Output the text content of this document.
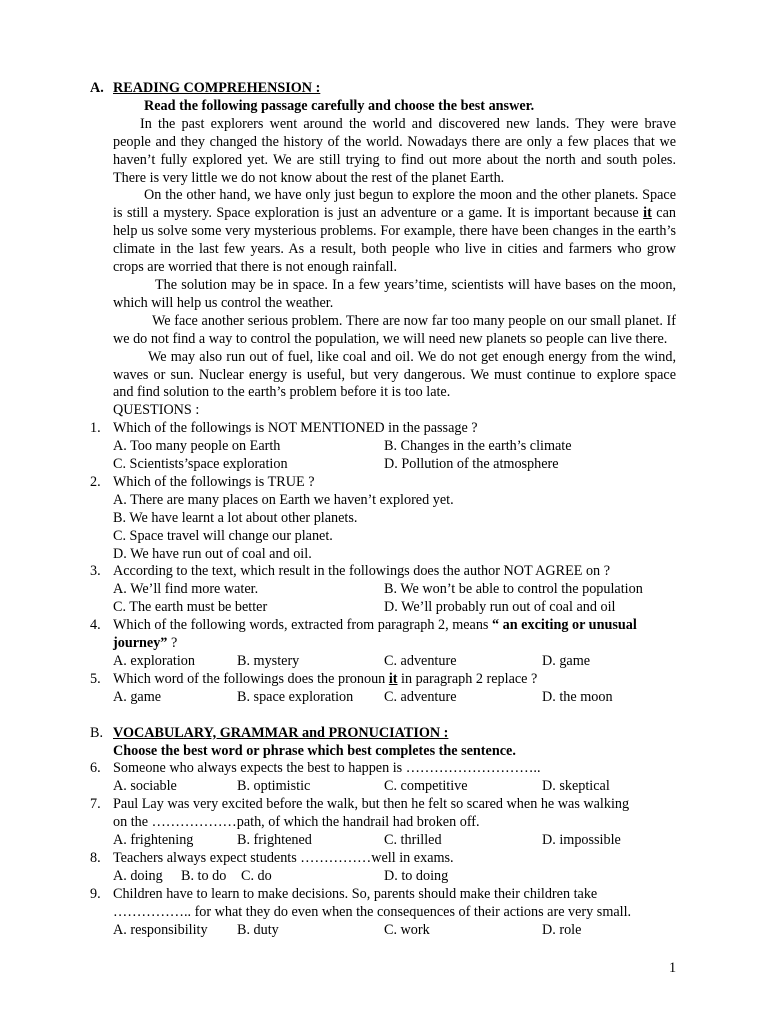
A. READING COMPREHENSION :
Read the following passage carefully and choose the best answer.
In the past explorers went around the world and discovered new lands. They were brave people and they changed the history of the world. Nowadays there are only a few places that we haven’t fully explored yet. We are still trying to find out more about the north and south poles. There is very little we do not know about the rest of the planet Earth.
On the other hand, we have only just begun to explore the moon and the other planets. Space is still a mystery. Space exploration is just an adventure or a game. It is important because it can help us solve some very mysterious problems. For example, there have been changes in the earth’s climate in the last few years. As a result, both people who live in cities and farmers who grow crops are worried that there is not enough rainfall.
The solution may be in space. In a few years’time, scientists will have bases on the moon, which will help us control the weather.
We face another serious problem. There are now far too many people on our small planet. If we do not find a way to control the population, we will need new planets so people can live there.
We may also run out of fuel, like coal and oil. We do not get enough energy from the wind, waves or sun. Nuclear energy is useful, but very dangerous. We must continue to explore space and find solution to the earth’s problem before it is too late.
QUESTIONS :
1. Which of the followings is NOT MENTIONED in the passage ?
A. Too many people on Earth	B. Changes in the earth’s climate
C. Scientists’space exploration	D. Pollution of the atmosphere
2. Which of the followings is TRUE ?
A. There are many places on Earth we haven’t explored yet.
B. We have learnt a lot about other planets.
C. Space travel will change our planet.
D. We have run out of coal and oil.
3. According to the text, which result in the followings does the author NOT AGREE on ?
A. We’ll find more water.	B. We won’t be able to control the population
C. The earth must be better	D. We’ll probably run out of coal and oil
4. Which of the following words, extracted from paragraph 2, means “ an exciting or unusual
journey” ?
A. exploration	B. mystery	C. adventure	D. game
5. Which word of the followings does the pronoun it in paragraph 2 replace ?
A. game	B. space exploration C. adventure	D. the moon
B. VOCABULARY, GRAMMAR and PRONUCIATION :
Choose the best word or phrase which best completes the sentence.
6. Someone who always expects the best to happen is ………………………..
A. sociable	B. optimistic	C. competitive	D. skeptical
7. Paul Lay was very excited before the walk, but then he felt so scared when he was walking
on the ………………path, of which the handrail had broken off.
A. frightening	B. frightened	C. thrilled	D. impossible
8. Teachers always expect students ……………well in exams.
A. doing B. to do C. do	D. to doing
9. Children have to learn to make decisions. So, parents should make their children take
…………….. for what they do even when the consequences of their actions are very small.
A. responsibility B. duty	C. work	D. role
1
